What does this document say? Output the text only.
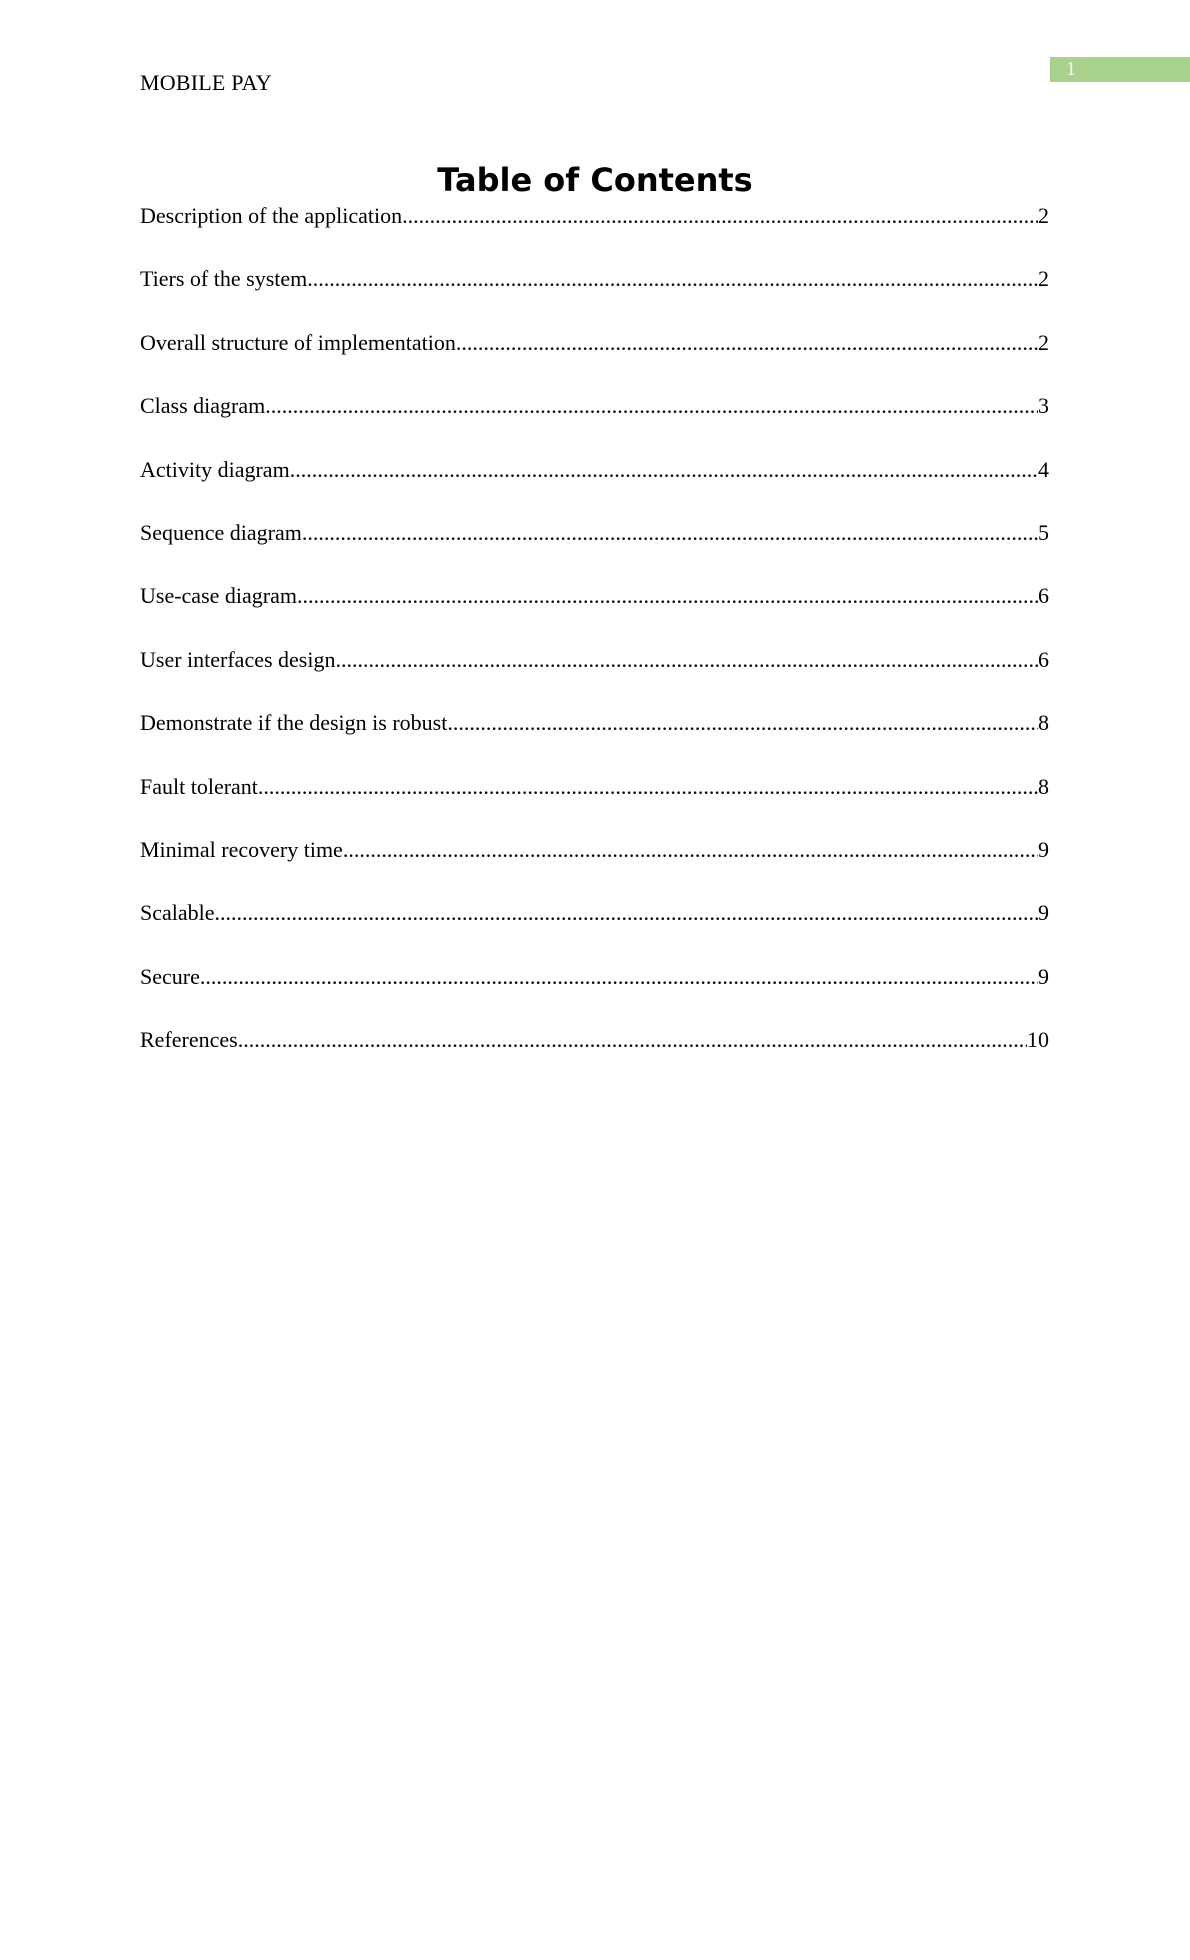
1
MOBILE PAY
Table of Contents
Description of the application .....	2
Tiers of the system .....	2
Overall structure of implementation .....	2
Class diagram .....	3
Activity diagram .....	4
Sequence diagram .....	5
Use-case diagram .....	6
User interfaces design .....	6
Demonstrate if the design is robust .....	8
Fault tolerant .....	8
Minimal recovery time .....	9
Scalable .....	9
Secure .....	9
References .....	10
